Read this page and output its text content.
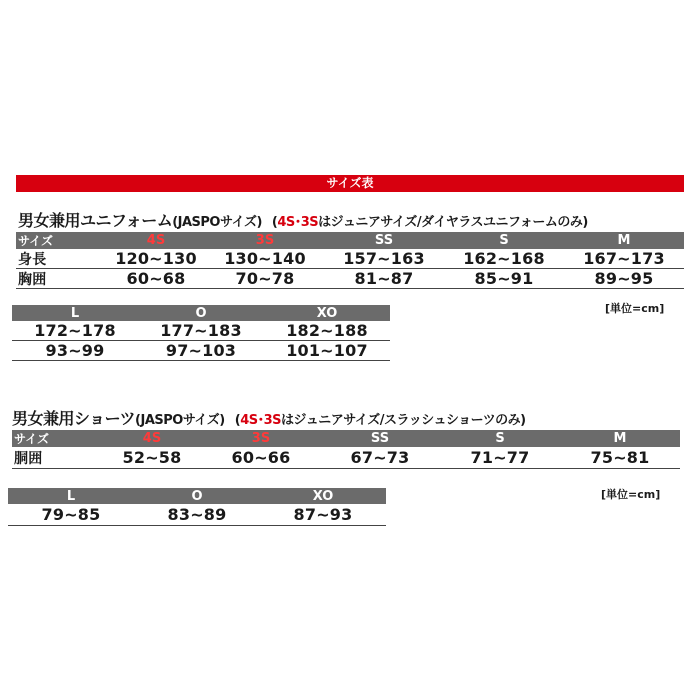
サイズ表
男女兼用ユニフォーム(JASPOサイズ) (4S･3Sはジュニアサイズ/ダイヤラスユニフォームのみ)
サイズ	4S	3S	SS	S	M
身長	120~130	130~140	157~163	162~168	167~173
胸囲	60~68	70~78	81~87	85~91	89~95
[単位=cm]
L	O	XO
172~178	177~183	182~188
93~99	97~103	101~107
男女兼用ショーツ(JASPOサイズ) (4S･3Sはジュニアサイズ/スラッシュショーツのみ)
サイズ	4S	3S	SS	S	M
胴囲	52~58	60~66	67~73	71~77	75~81
[単位=cm]
L	O	XO
79~85	83~89	87~93
